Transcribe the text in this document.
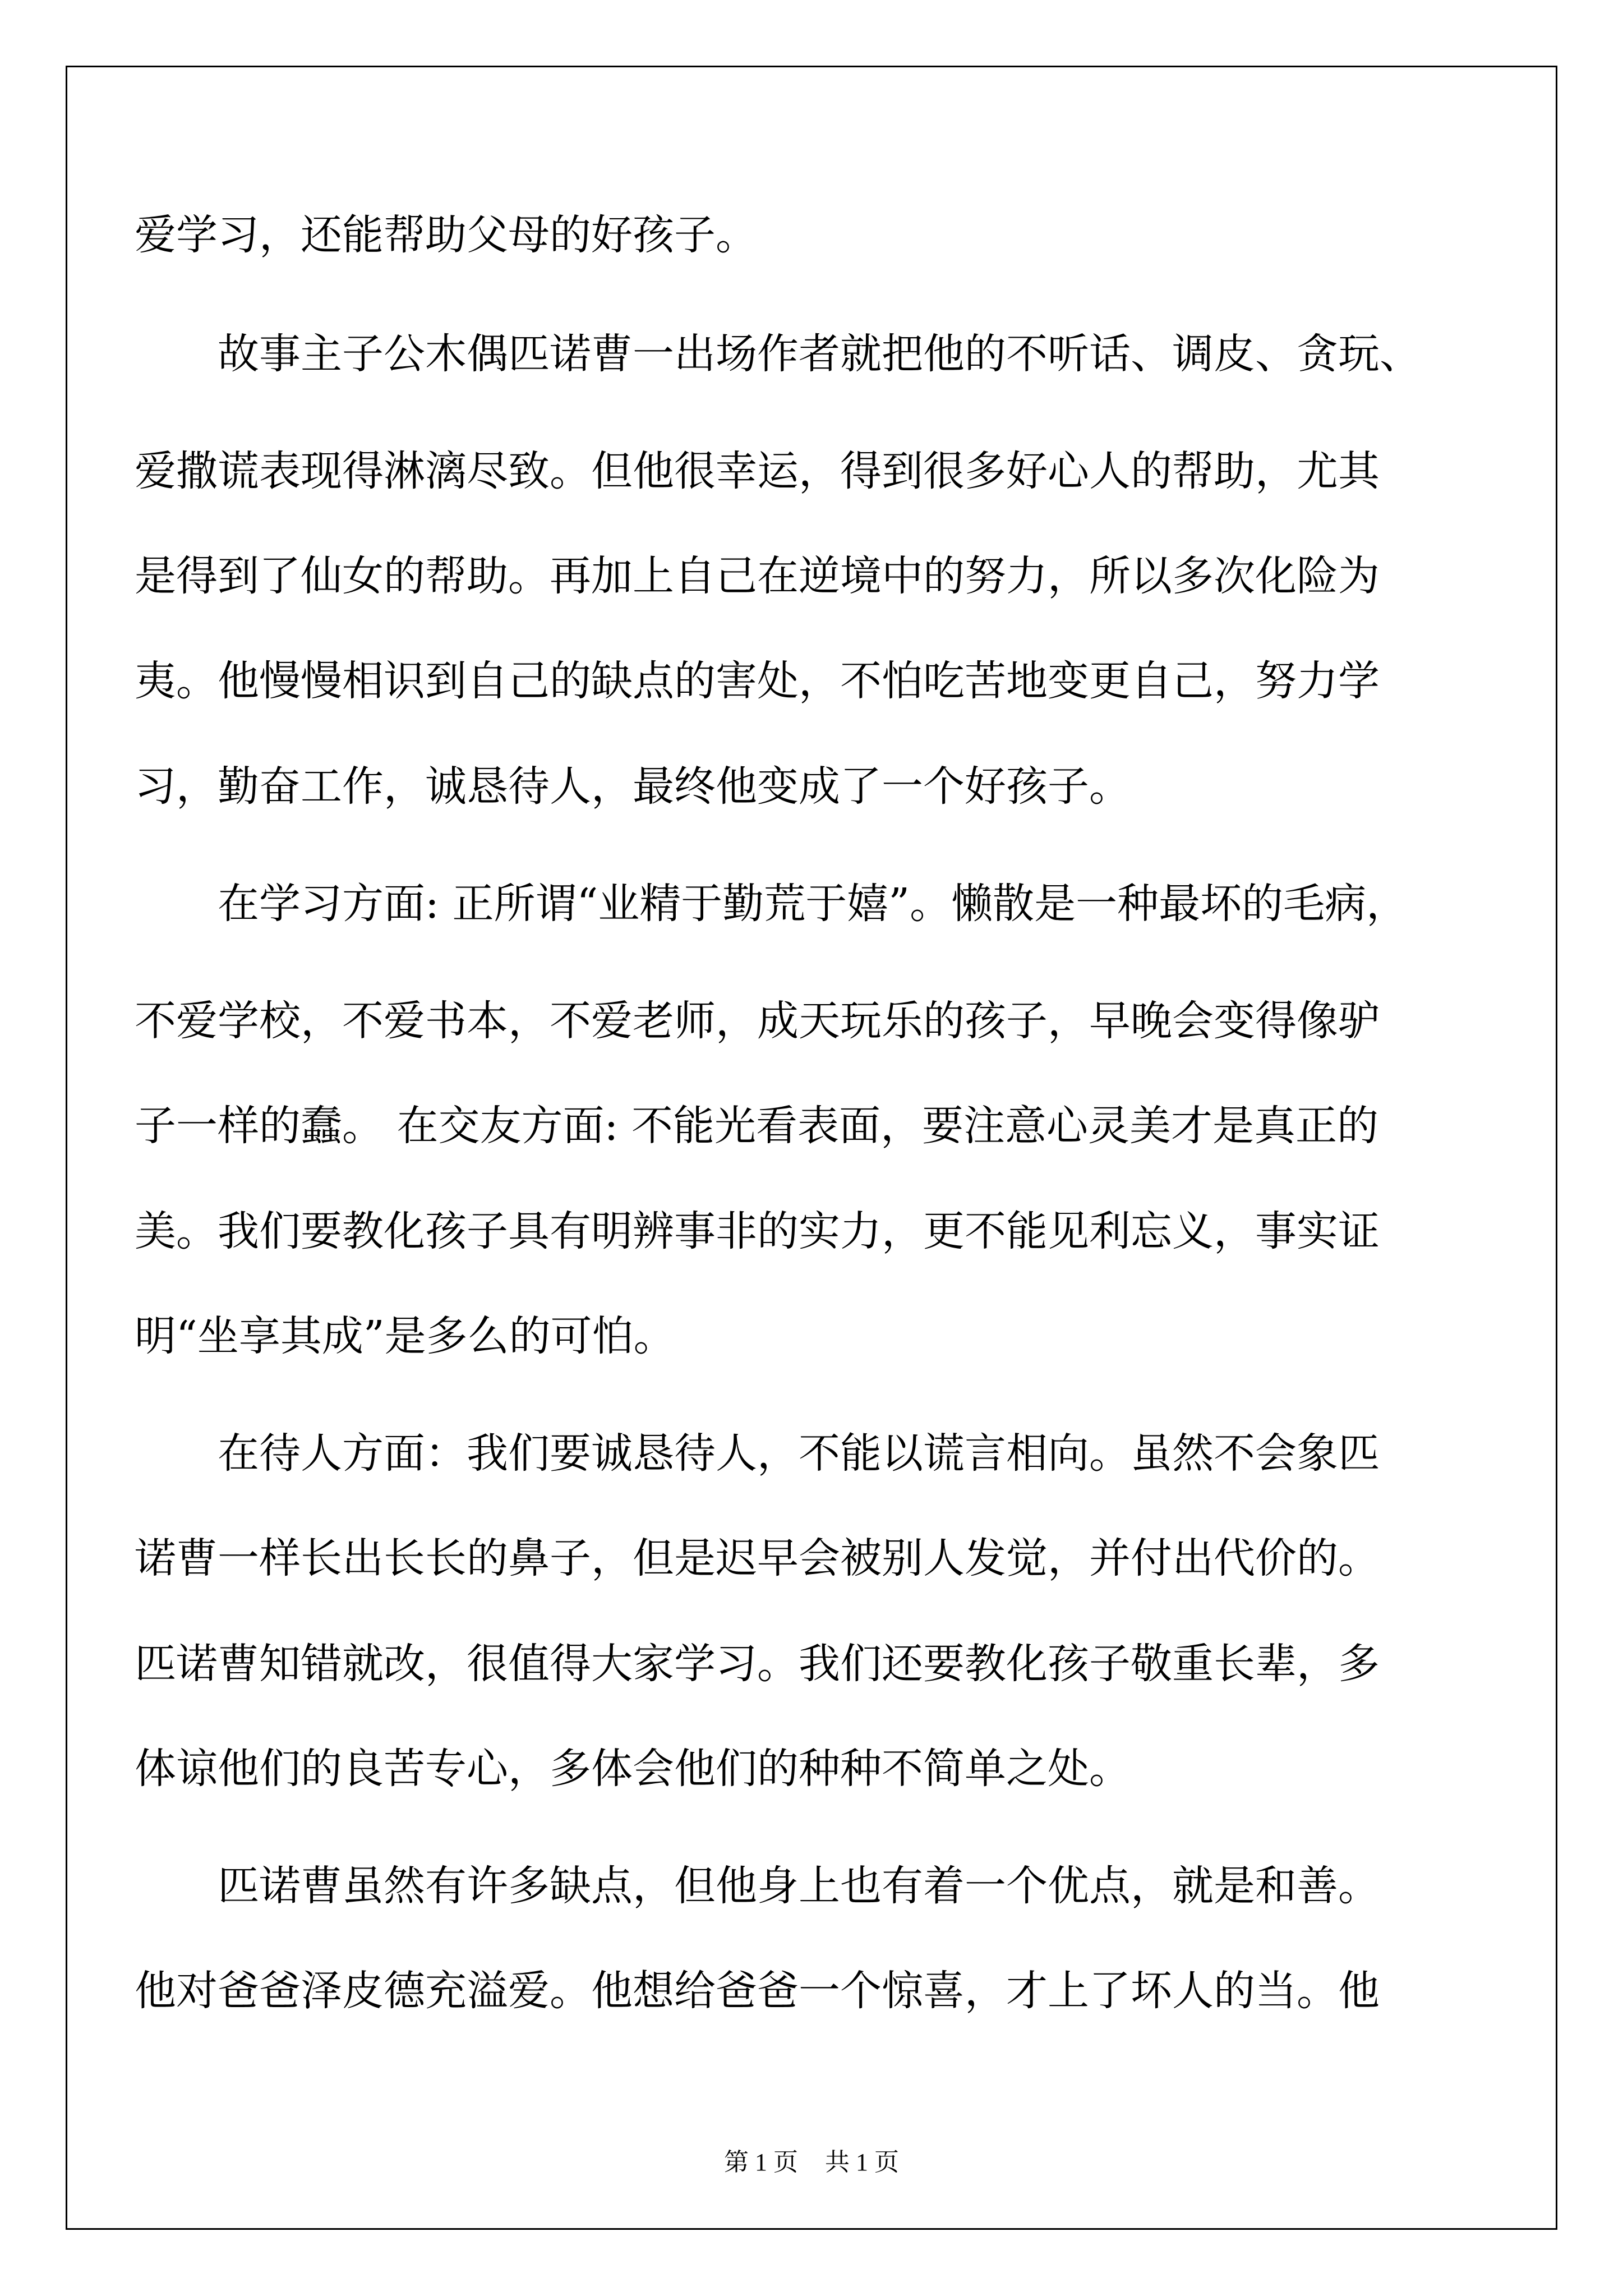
爱学习，还能帮助父母的好孩子。
故事主子公木偶匹诺曹一出场作者就把他的不听话、调皮、贪玩、
爱撒谎表现得淋漓尽致。但他很幸运，得到很多好心人的帮助，尤其
是得到了仙女的帮助。再加上自己在逆境中的努力，所以多次化险为
夷。他慢慢相识到自己的缺点的害处，不怕吃苦地变更自己，努力学
习，勤奋工作，诚恳待人，最终他变成了一个好孩子。
在学习方面: 正所谓“业精于勤荒于嬉”。懒散是一种最坏的毛病，
不爱学校，不爱书本，不爱老师，成天玩乐的孩子，早晚会变得像驴
子一样的蠢。 在交友方面: 不能光看表面，要注意心灵美才是真正的
美。我们要教化孩子具有明辨事非的实力，更不能见利忘义，事实证
明“坐享其成”是多么的可怕。
在待人方面：我们要诚恳待人，不能以谎言相向。虽然不会象匹
诺曹一样长出长长的鼻子，但是迟早会被别人发觉，并付出代价的。
匹诺曹知错就改，很值得大家学习。我们还要教化孩子敬重长辈，多
体谅他们的良苦专心，多体会他们的种种不简单之处。
匹诺曹虽然有许多缺点，但他身上也有着一个优点，就是和善。
他对爸爸泽皮德充溢爱。他想给爸爸一个惊喜，才上了坏人的当。他
第 1 页 共 1 页
